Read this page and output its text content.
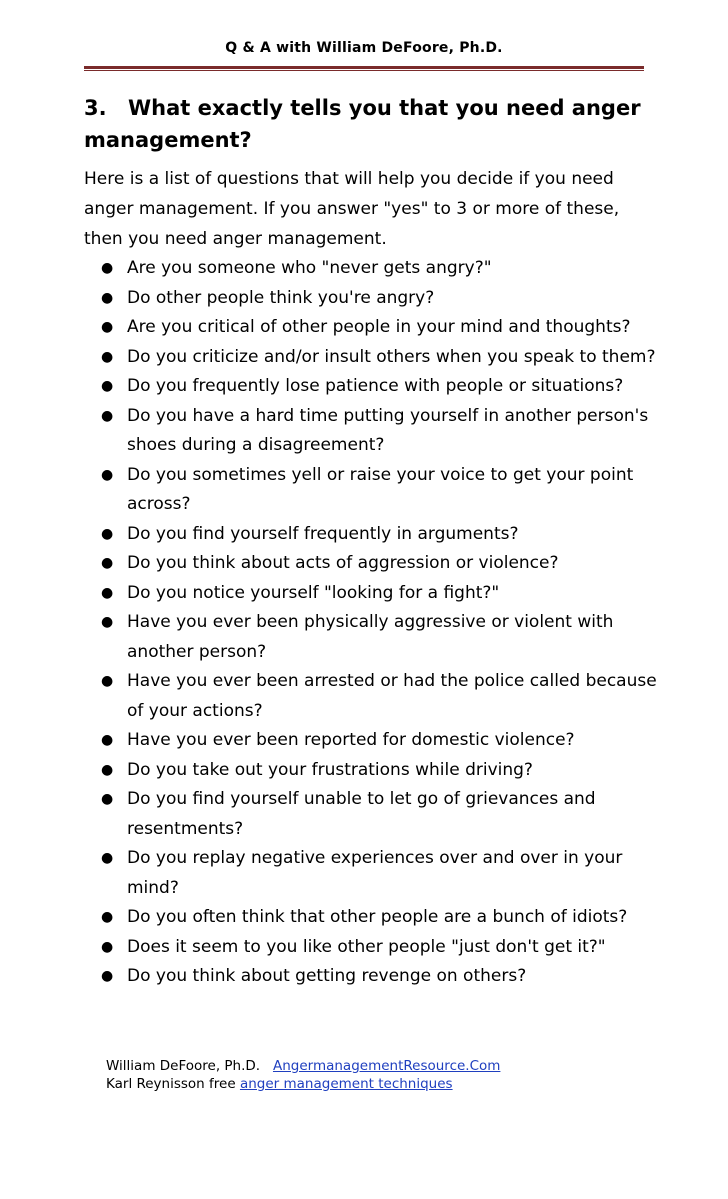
Q & A with William DeFoore, Ph.D.
3. What exactly tells you that you need anger management?
Here is a list of questions that will help you decide if you need anger management. If you answer "yes" to 3 or more of these, then you need anger management.
● Are you someone who "never gets angry?"
● Do other people think you're angry?
● Are you critical of other people in your mind and thoughts?
● Do you criticize and/or insult others when you speak to them?
● Do you frequently lose patience with people or situations?
● Do you have a hard time putting yourself in another person's shoes during a disagreement?
● Do you sometimes yell or raise your voice to get your point across?
● Do you find yourself frequently in arguments?
● Do you think about acts of aggression or violence?
● Do you notice yourself "looking for a fight?"
● Have you ever been physically aggressive or violent with another person?
● Have you ever been arrested or had the police called because of your actions?
● Have you ever been reported for domestic violence?
● Do you take out your frustrations while driving?
● Do you find yourself unable to let go of grievances and resentments?
● Do you replay negative experiences over and over in your mind?
● Do you often think that other people are a bunch of idiots?
● Does it seem to you like other people "just don't get it?"
● Do you think about getting revenge on others?
William DeFoore, Ph.D. AngermanagementResource.Com
Karl Reynisson free anger management techniques
